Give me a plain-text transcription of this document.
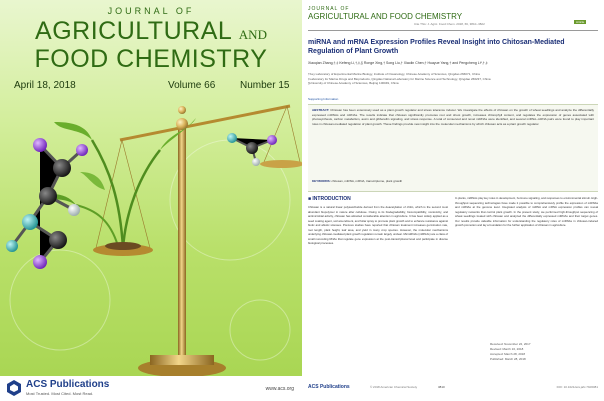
JOURNAL OF
AGRICULTURAL AND
FOOD CHEMISTRY
April 18, 2018	Volume 66 Number 15
ACS Publications
Most Trusted. Most Cited. Most Read.
www.acs.org
JOURNAL OF
AGRICULTURAL AND FOOD CHEMISTRY
Cite This: J. Agric. Food Chem. 2018, 66, 3810−3822	Article
miRNA and mRNA Expression Profiles Reveal Insight into Chitosan-Mediated Regulation of Plant Growth
Xiaoqian Zhang,†,‡ Kefeng Li,†,‡,§ Ronge Xing,† Song Liu,† Xiaolin Chen,† Huayue Yang,† and Pengcheng Li*,†,‡
†Key Laboratory of Experimental Marine Biology, Institute of Oceanology, Chinese Academy of Sciences, Qingdao 266071, China
‡Laboratory for Marine Drugs and Bioproducts, Qingdao National Laboratory for Marine Science and Technology, Qingdao 266237, China
§University of Chinese Academy of Sciences, Beijing 100049, China
Supporting Information
ABSTRACT: Chitosan has been extensively used as a plant growth regulator and stress tolerance inducer. We investigate the effects of chitosan on the growth of wheat seedlings and analyze the differentially expressed miRNAs and mRNAs. The results indicate that chitosan significantly promotes root and shoot growth, increases chlorophyll content, and regulates the expression of genes associated with photosynthesis, carbon metabolism, auxin and gibberellin signaling, and stress response. A total of conserved and novel miRNAs were identified, and several miRNA–mRNA pairs were found to play important roles in chitosan-mediated regulation of plant growth. These findings provide new insight into the molecular mechanisms by which chitosan acts as a plant growth regulator.
KEYWORDS: chitosan, miRNA, mRNA, transcriptome, plant growth
■ INTRODUCTION
Chitosan is a natural linear polysaccharide derived from the deacetylation of chitin, which is the second most abundant biopolymer in nature after cellulose. Owing to its biodegradability, biocompatibility, nontoxicity, and antimicrobial activity, chitosan has attracted considerable attention in agriculture. It has been widely applied as a seed coating agent, soil amendment, and foliar spray to promote plant growth and to enhance resistance against biotic and abiotic stresses. Previous studies have reported that chitosan treatment increases germination rate, root length, plant height, leaf area, and yield in many crop species. However, the molecular mechanisms underlying chitosan-mediated plant growth regulation remain largely unclear. MicroRNAs (miRNAs) are a class of small noncoding RNAs that regulate gene expression at the post-transcriptional level and participate in diverse biological processes.
In plants, miRNAs play key roles in development, hormone signaling, and responses to environmental stimuli. High-throughput sequencing technologies have made it possible to comprehensively profile the expression of miRNAs and mRNAs at the genome level. Integrated analysis of miRNA and mRNA expression profiles can reveal regulatory networks that control plant growth. In the present study, we performed high-throughput sequencing of wheat seedlings treated with chitosan and analyzed the differentially expressed miRNAs and their target genes. Our results provide valuable information for understanding the regulatory roles of miRNAs in chitosan-induced growth promotion and lay a foundation for the further application of chitosan in agriculture.
Received: November 22, 2017
Revised: March 16, 2018
Accepted: March 28, 2018
Published: March 28, 2018
ACS Publications	© 2018 American Chemical Society	3810	DOI: 10.1021/acs.jafc.7b06081
